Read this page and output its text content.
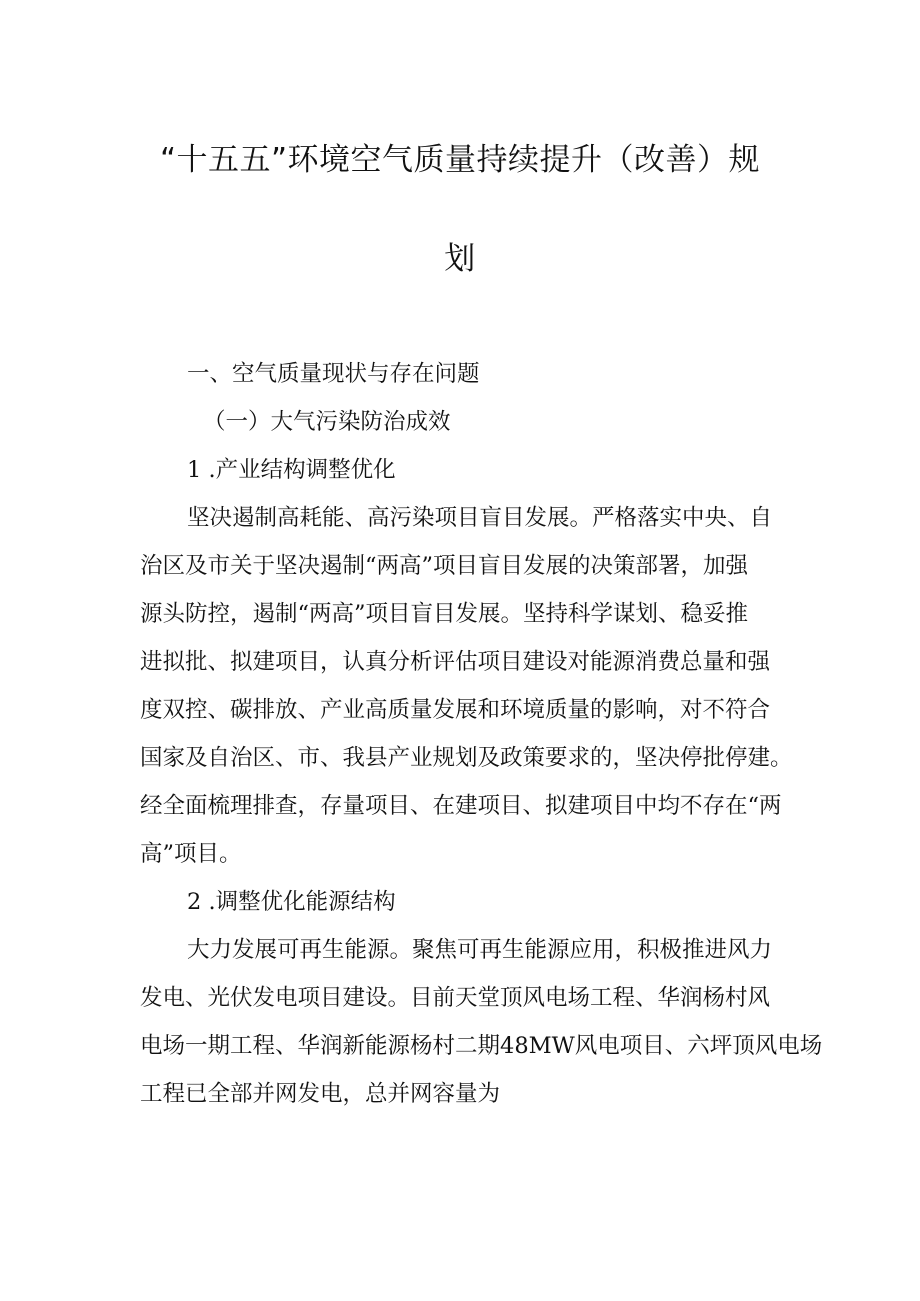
“十五五”环境空气质量持续提升（改善）规
划

一、空气质量现状与存在问题

（一）大气污染防治成效

1 .产业结构调整优化

坚决遏制高耗能、高污染项目盲目发展。严格落实中央、自

治区及市关于坚决遏制“两高”项目盲目发展的决策部署，加强

源头防控，遏制“两高”项目盲目发展。坚持科学谋划、稳妥推

进拟批、拟建项目，认真分析评估项目建设对能源消费总量和强

度双控、碳排放、产业高质量发展和环境质量的影响，对不符合

国家及自治区、市、我县产业规划及政策要求的，坚决停批停建。

经全面梳理排查，存量项目、在建项目、拟建项目中均不存在“两

高”项目。

2 .调整优化能源结构

大力发展可再生能源。聚焦可再生能源应用，积极推进风力

发电、光伏发电项目建设。目前天堂顶风电场工程、华润杨村风

电场一期工程、华润新能源杨村二期48MW风电项目、六坪顶风电场

工程已全部并网发电，总并网容量为
